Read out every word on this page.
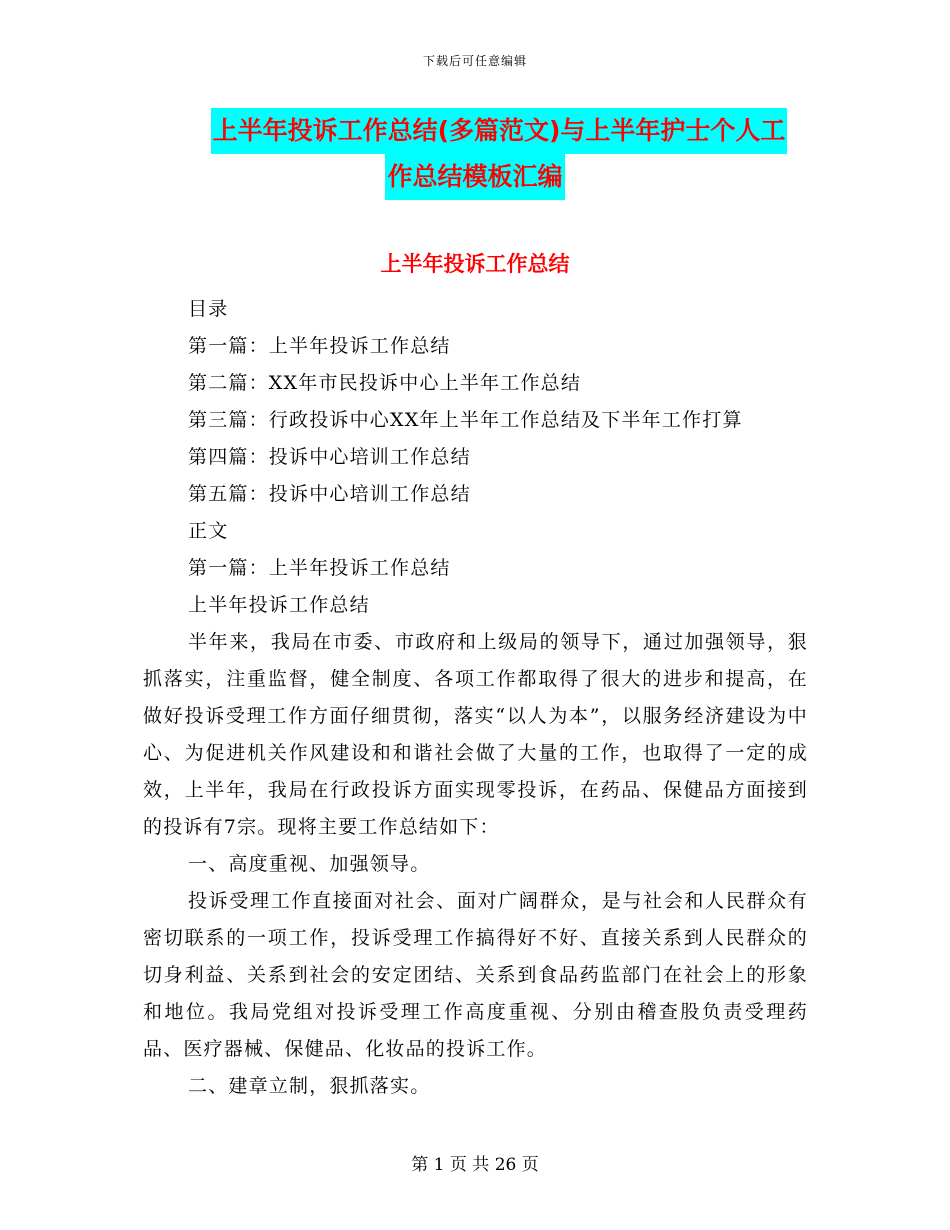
下载后可任意编辑
上半年投诉工作总结(多篇范文)与上半年护士个人工
作总结模板汇编
上半年投诉工作总结

目录

第一篇：上半年投诉工作总结

第二篇：XX年市民投诉中心上半年工作总结

第三篇：行政投诉中心XX年上半年工作总结及下半年工作打算

第四篇：投诉中心培训工作总结

第五篇：投诉中心培训工作总结

正文

第一篇：上半年投诉工作总结

上半年投诉工作总结

半年来，我局在市委、市政府和上级局的领导下，通过加强领导，狠抓落实，注重监督，健全制度、各项工作都取得了很大的进步和提高，在做好投诉受理工作方面仔细贯彻，落实“以人为本”，以服务经济建设为中心、为促进机关作风建设和和谐社会做了大量的工作，也取得了一定的成效，上半年，我局在行政投诉方面实现零投诉，在药品、保健品方面接到的投诉有7宗。现将主要工作总结如下：

一、高度重视、加强领导。

投诉受理工作直接面对社会、面对广阔群众，是与社会和人民群众有密切联系的一项工作，投诉受理工作搞得好不好、直接关系到人民群众的切身利益、关系到社会的安定团结、关系到食品药监部门在社会上的形象和地位。我局党组对投诉受理工作高度重视、分别由稽查股负责受理药品、医疗器械、保健品、化妆品的投诉工作。

二、建章立制，狠抓落实。

第 1 页 共 26 页
